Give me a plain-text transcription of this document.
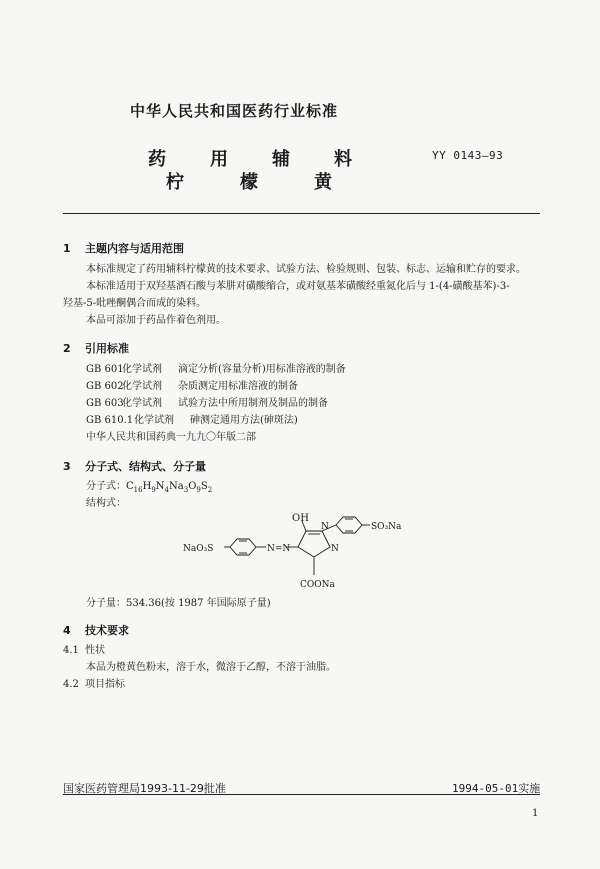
中华人民共和国医药行业标准
药用辅料
柠檬黄
YY 0143—93
1 主题内容与适用范围
本标准规定了药用辅料柠檬黄的技术要求、试验方法、检验规则、包装、标志、运输和贮存的要求。
本标准适用于双羟基酒石酸与苯肼对磺酸缩合，或对氨基苯磺酸经重氮化后与 1-(4-磺酸基苯)-3-
羟基-5-吡唑酮偶合而成的染料。
本品可添加于药品作着色剂用。
2 引用标准
GB 601化学试剂 滴定分析(容量分析)用标准溶液的制备
GB 602化学试剂 杂质测定用标准溶液的制备
GB 603化学试剂 试验方法中所用制剂及制品的制备
GB 610.1化学试剂 砷测定通用方法(砷斑法)
中华人民共和国药典一九九〇年版二部
3 分子式、结构式、分子量
分子式：$C_{16}H_9N_4Na_3O_9S_2$
结构式：
OH
N
N
SO₃Na
NaO₃S	N=N
COONa
分子量：534.36(按 1987 年国际原子量)
4 技术要求
4.1 性状
本品为橙黄色粉末，溶于水，微溶于乙醇，不溶于油脂。
4.2 项目指标
国家医药管理局1993-11-29批准	1994-05-01实施
1
